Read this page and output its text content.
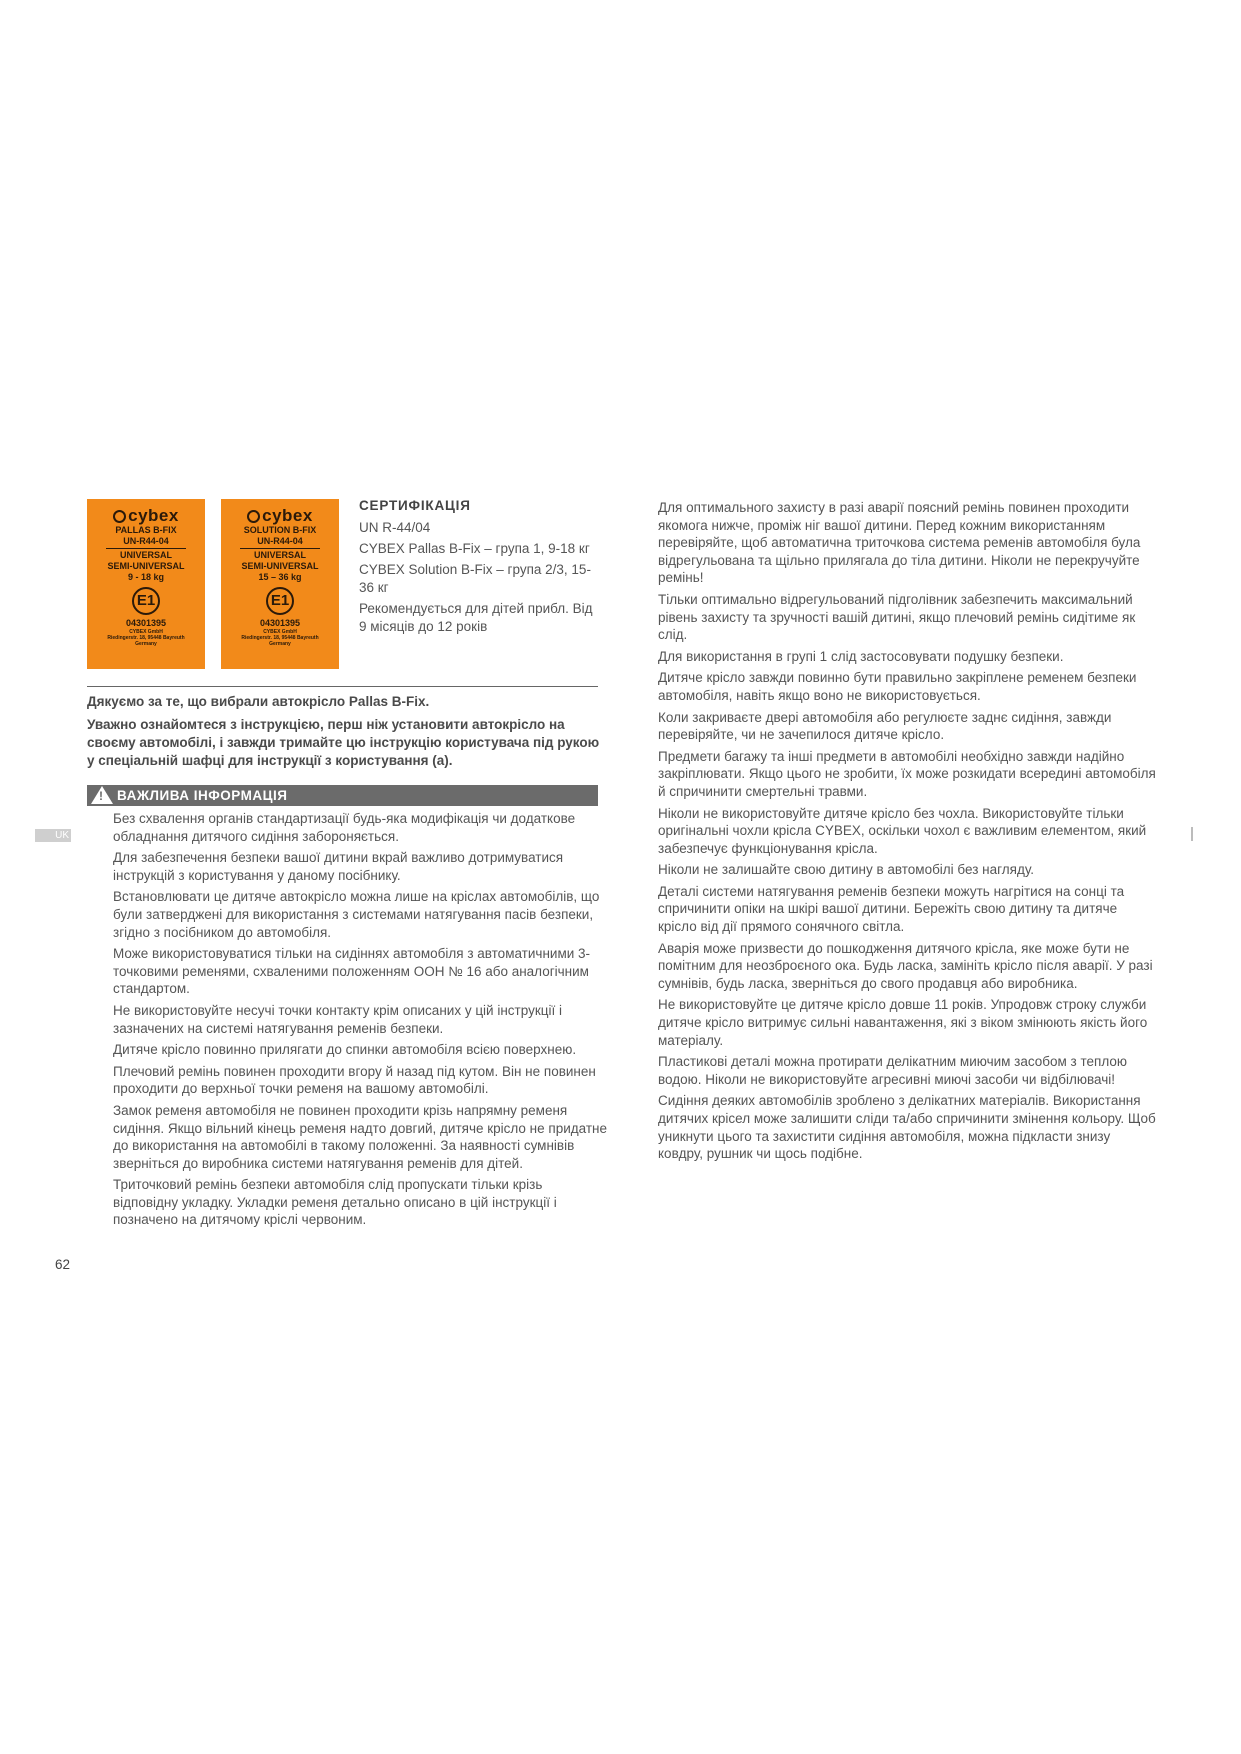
cybex
PALLAS B-FIX
UN-R44-04
UNIVERSAL
SEMI-UNIVERSAL
9 - 18 kg
E1
04301395
CYBEX GmbH
Riedingerstr. 18, 95448 Bayreuth
Germany
cybex
SOLUTION B-FIX
UN-R44-04
UNIVERSAL
SEMI-UNIVERSAL
15 – 36 kg
E1
04301395
CYBEX GmbH
Riedingerstr. 18, 95448 Bayreuth
Germany
СЕРТИФІКАЦІЯ

UN R-44/04

CYBEX Pallas B-Fix – група 1, 9-18 кг

CYBEX Solution B-Fix – група 2/3, 15-36 кг

Рекомендується для дітей прибл. Від 9 місяців до 12 років

Дякуємо за те, що вибрали автокрісло Pallas B-Fix.
Уважно ознайомтеся з інструкцією, перш ніж установити автокрісло на своєму автомобілі, і завжди тримайте цю інструкцію користувача під рукою у спеціальній шафці для інструкції з користування (a).
! ВАЖЛИВА ІНФОРМАЦІЯ
UK

Без схвалення органів стандартизації будь-яка модифікація чи додаткове обладнання дитячого сидіння забороняється.

Для забезпечення безпеки вашої дитини вкрай важливо дотримуватися інструкцій з користування у даному посібнику.

Встановлювати це дитяче автокрісло можна лише на кріслах автомобілів, що були затверджені для використання з системами натягування пасів безпеки, згідно з посібником до автомобіля.

Може використовуватися тільки на сидіннях автомобіля з автоматичними 3-точковими ременями, схваленими положенням ООН № 16 або аналогічним стандартом.

Не використовуйте несучі точки контакту крім описаних у цій інструкції і зазначених на системі натягування ременів безпеки.

Дитяче крісло повинно прилягати до спинки автомобіля всією поверхнею.

Плечовий ремінь повинен проходити вгору й назад під кутом. Він не повинен проходити до верхньої точки ременя на вашому автомобілі.

Замок ременя автомобіля не повинен проходити крізь напрямну ременя сидіння. Якщо вільний кінець ременя надто довгий, дитяче крісло не придатне до використання на автомобілі в такому положенні. За наявності сумнівів зверніться до виробника системи натягування ременів для дітей.

Триточковий ремінь безпеки автомобіля слід пропускати тільки крізь відповідну укладку. Укладки ременя детально описано в цій інструкції і позначено на дитячому кріслі червоним.

Для оптимального захисту в разі аварії поясний ремінь повинен проходити якомога нижче, проміж ніг вашої дитини. Перед кожним використанням перевіряйте, щоб автоматична триточкова система ременів автомобіля була відрегульована та щільно прилягала до тіла дитини. Ніколи не перекручуйте ремінь!

Тільки оптимально відрегульований підголівник забезпечить максимальний рівень захисту та зручності вашій дитині, якщо плечовий ремінь сидітиме як слід.

Для використання в групі 1 слід застосовувати подушку безпеки.

Дитяче крісло завжди повинно бути правильно закріплене ременем безпеки автомобіля, навіть якщо воно не використовується.

Коли закриваєте двері автомобіля або регулюєте заднє сидіння, завжди перевіряйте, чи не зачепилося дитяче крісло.

Предмети багажу та інші предмети в автомобілі необхідно завжди надійно закріплювати. Якщо цього не зробити, їх може розкидати всередині автомобіля й спричинити смертельні травми.

Ніколи не використовуйте дитяче крісло без чохла. Використовуйте тільки оригінальні чохли крісла CYBEX, оскільки чохол є важливим елементом, який забезпечує функціонування крісла.

Ніколи не залишайте свою дитину в автомобілі без нагляду.

Деталі системи натягування ременів безпеки можуть нагрітися на сонці та спричинити опіки на шкірі вашої дитини. Бережіть свою дитину та дитяче крісло від дії прямого сонячного світла.

Аварія може призвести до пошкодження дитячого крісла, яке може бути не помітним для неозброєного ока. Будь ласка, замініть крісло після аварії. У разі сумнівів, будь ласка, зверніться до свого продавця або виробника.

Не використовуйте це дитяче крісло довше 11 років. Упродовж строку служби дитяче крісло витримує сильні навантаження, які з віком змінюють якість його матеріалу.

Пластикові деталі можна протирати делікатним миючим засобом з теплою водою. Ніколи не використовуйте агресивні миючі засоби чи відбілювачі!

Сидіння деяких автомобілів зроблено з делікатних матеріалів. Використання дитячих крісел може залишити сліди та/або спричинити змінення кольору. Щоб уникнути цього та захистити сидіння автомобіля, можна підкласти знизу ковдру, рушник чи щось подібне.

62
